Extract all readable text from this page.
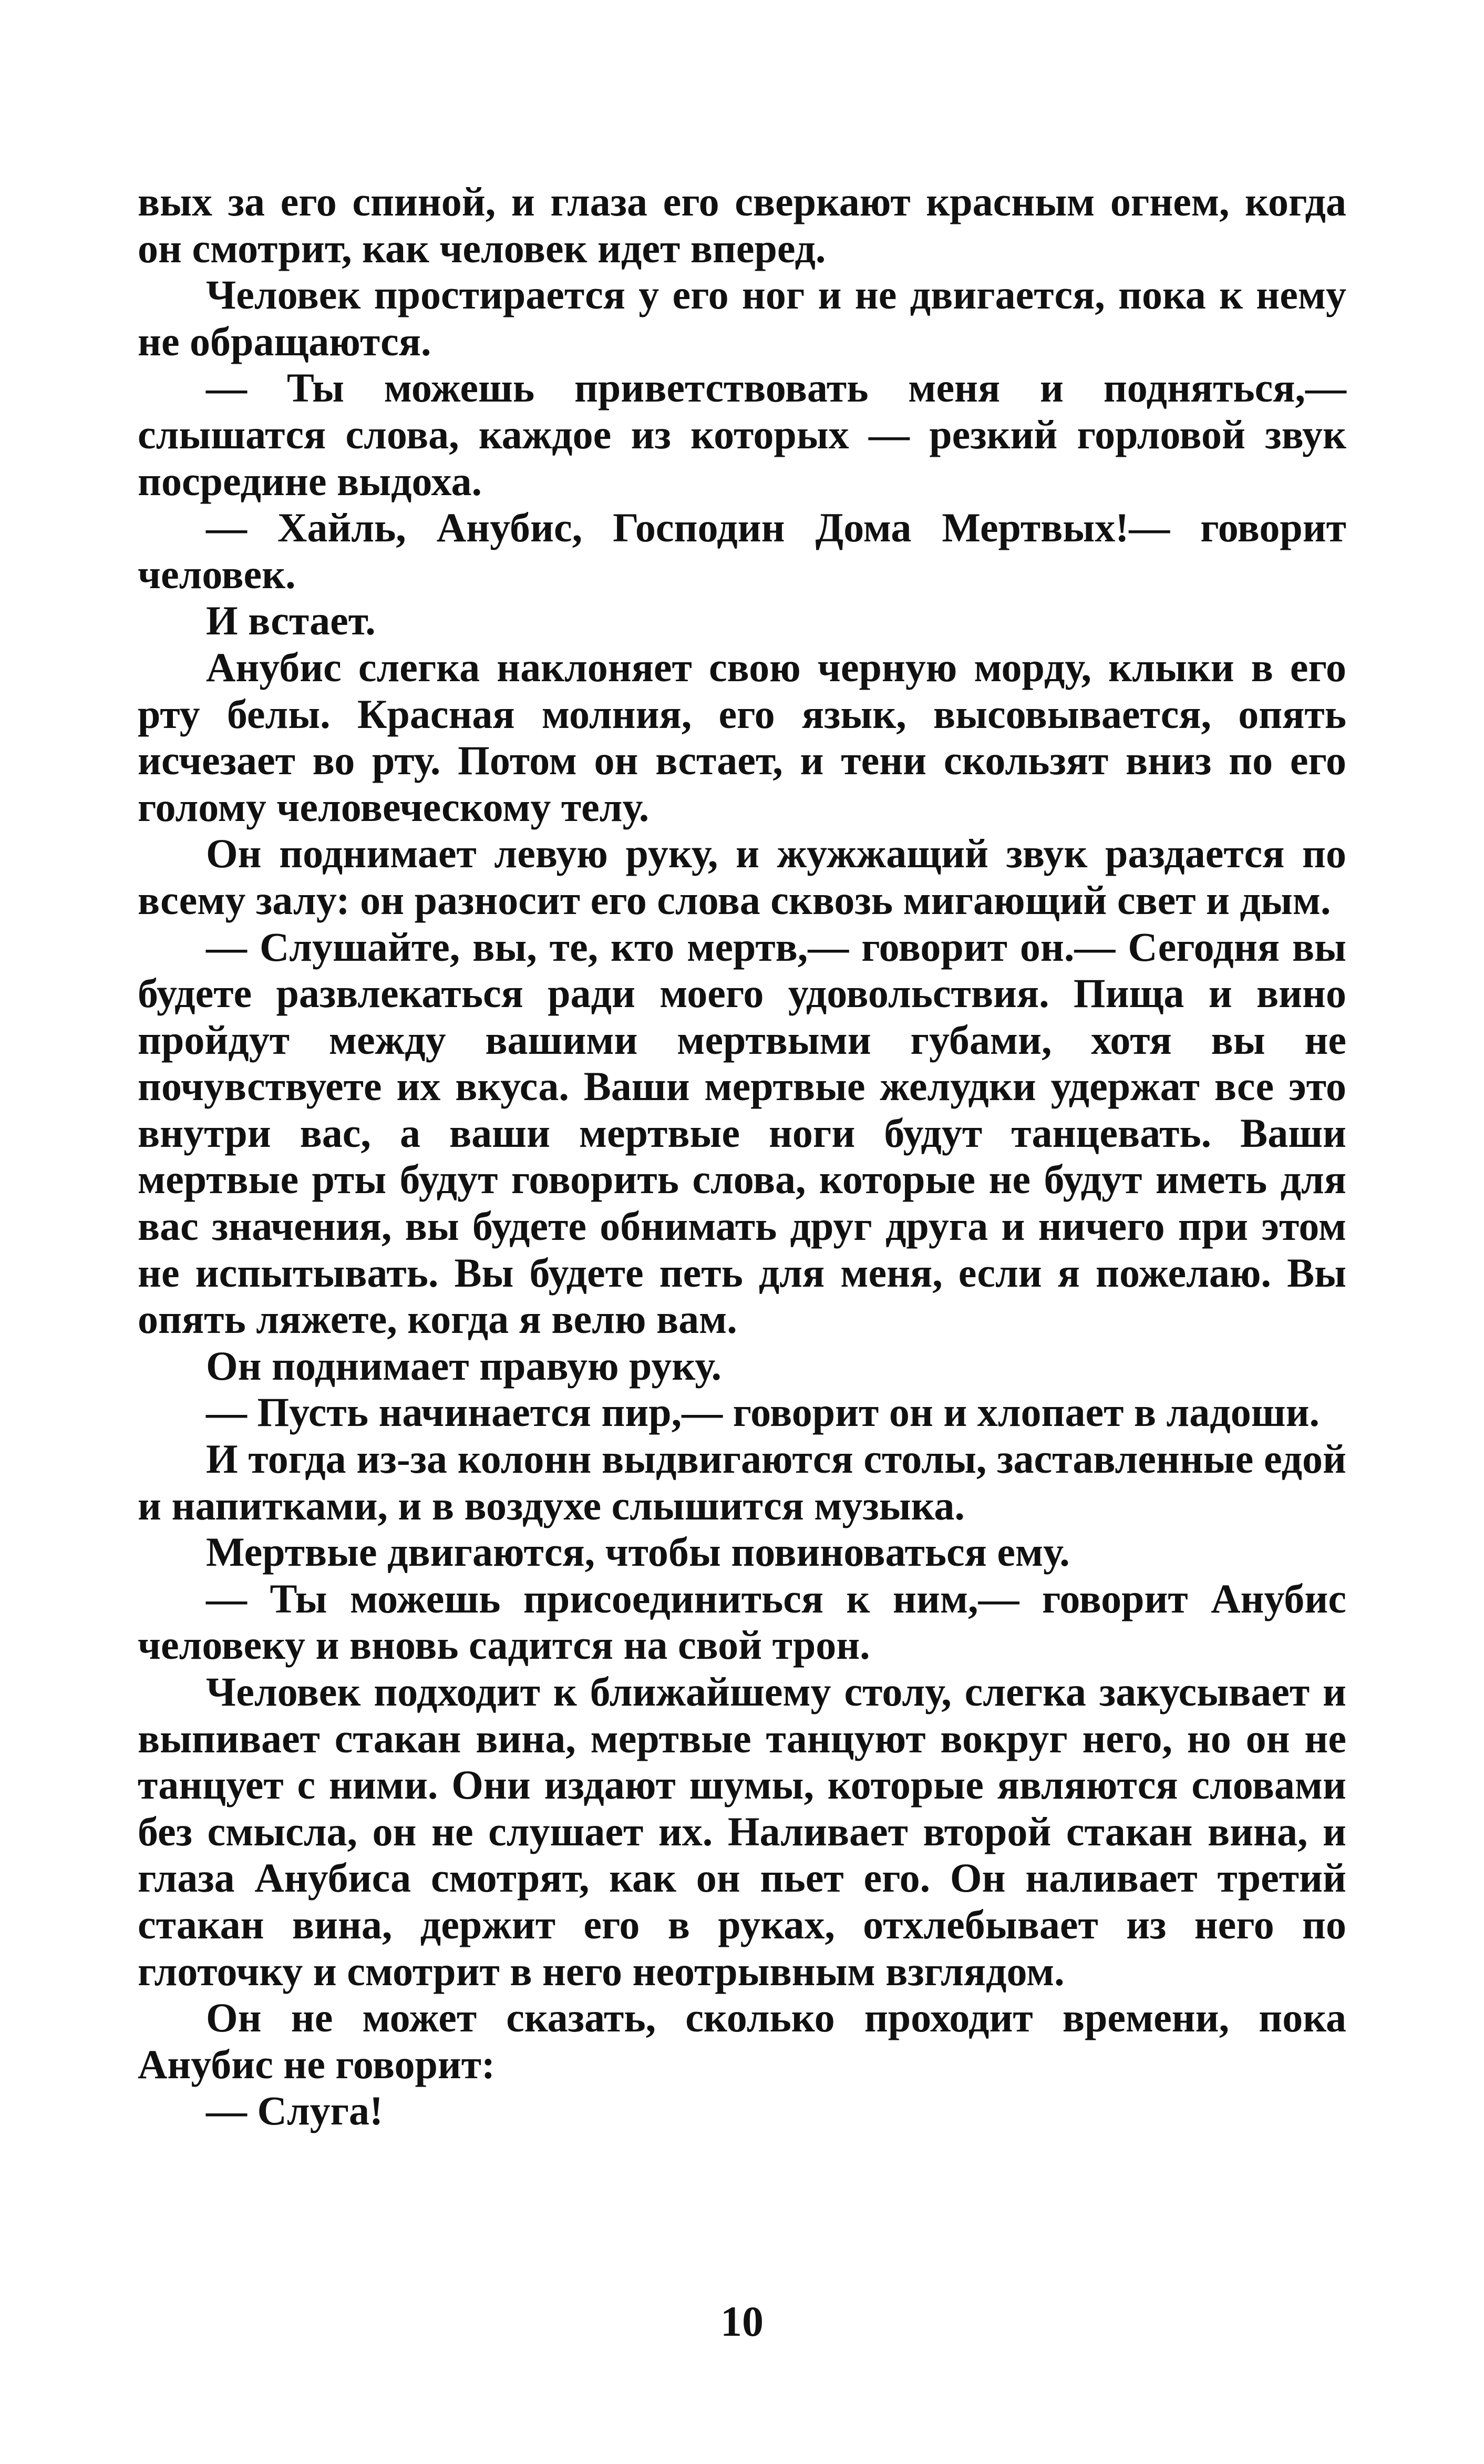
вых за его спиной, и глаза его сверкают красным огнем, когда он смотрит, как человек идет вперед.

Человек простирается у его ног и не двигается, пока к нему не обращаются.

— Ты можешь приветствовать меня и подняться,— слышатся слова, каждое из которых — резкий горловой звук посредине выдоха.

— Хайль, Анубис, Господин Дома Мертвых!— говорит человек.

И встает.

Анубис слегка наклоняет свою черную морду, клыки в его рту белы. Красная молния, его язык, высовывается, опять исчезает во рту. Потом он встает, и тени скользят вниз по его голому человеческому телу.

Он поднимает левую руку, и жужжащий звук раздается по всему залу: он разносит его слова сквозь мигающий свет и дым.

— Слушайте, вы, те, кто мертв,— говорит он.— Сегодня вы будете развлекаться ради моего удовольствия. Пища и вино пройдут между вашими мертвыми губами, хотя вы не почувствуете их вкуса. Ваши мертвые желудки удержат все это внутри вас, а ваши мертвые ноги будут танцевать. Ваши мертвые рты будут говорить слова, которые не будут иметь для вас значения, вы будете обнимать друг друга и ничего при этом не испытывать. Вы будете петь для меня, если я пожелаю. Вы опять ляжете, когда я велю вам.

Он поднимает правую руку.

— Пусть начинается пир,— говорит он и хлопает в ладоши.

И тогда из-за колонн выдвигаются столы, заставленные едой и напитками, и в воздухе слышится музыка.

Мертвые двигаются, чтобы повиноваться ему.

— Ты можешь присоединиться к ним,— говорит Анубис человеку и вновь садится на свой трон.

Человек подходит к ближайшему столу, слегка закусывает и выпивает стакан вина, мертвые танцуют вокруг него, но он не танцует с ними. Они издают шумы, которые являются словами без смысла, он не слушает их. Наливает второй стакан вина, и глаза Анубиса смотрят, как он пьет его. Он наливает третий стакан вина, держит его в руках, отхлебывает из него по глоточку и смотрит в него неотрывным взглядом.

Он не может сказать, сколько проходит времени, пока Анубис не говорит:

— Слуга!

10
